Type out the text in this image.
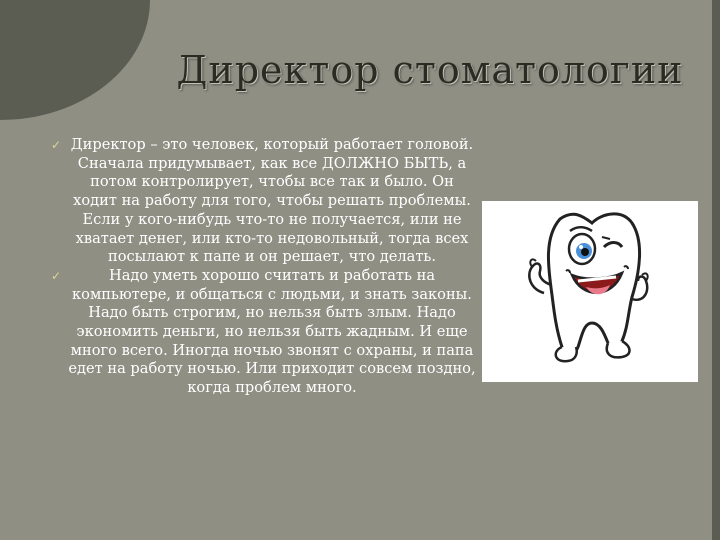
Директор стоматологии

✓ Директор – это человек, который работает головой. Сначала придумывает, как все ДОЛЖНО БЫТЬ, а потом контролирует, чтобы все так и было. Он ходит на работу для того, чтобы решать проблемы. Если у кого-нибудь что-то не получается, или не хватает денег, или кто-то недовольный, тогда всех посылают к папе и он решает, что делать.

✓	Надо уметь хорошо считать и работать на компьютере, и общаться с людьми, и знать законы. Надо быть строгим, но нельзя быть злым. Надо экономить деньги, но нельзя быть жадным. И еще много всего. Иногда ночью звонят с охраны, и папа едет на работу ночью. Или приходит совсем поздно, когда проблем много.
